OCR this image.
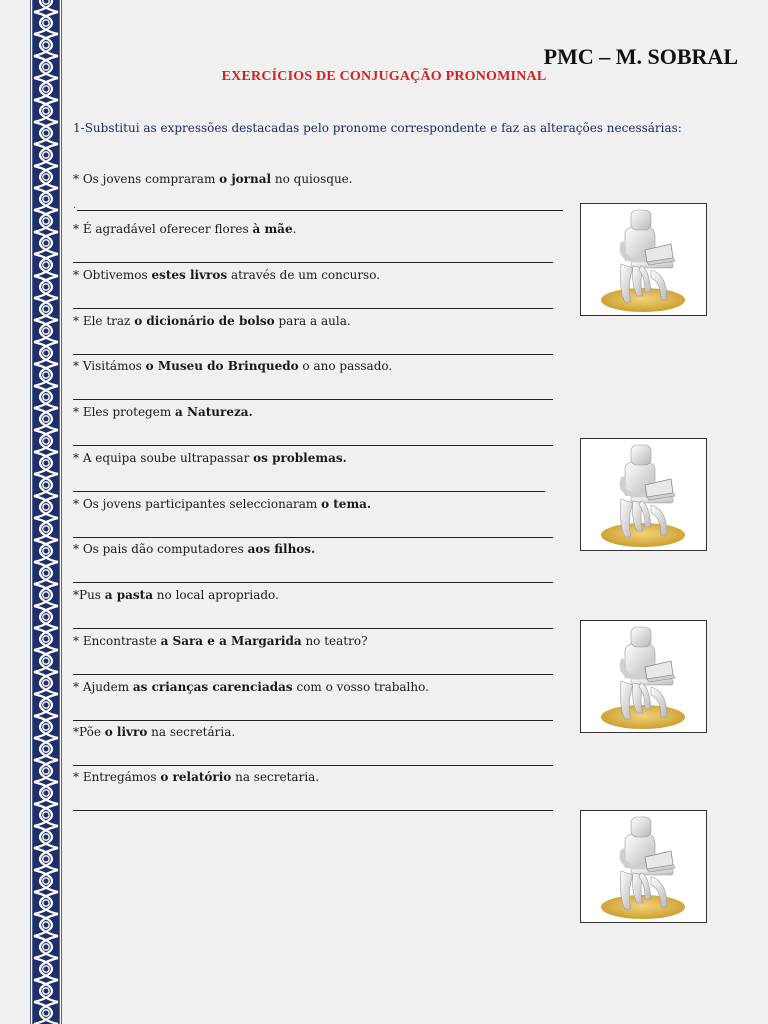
PMC – M. SOBRAL
EXERCÍCIOS DE CONJUGAÇÃO PRONOMINAL
1-Substitui as expressões destacadas pelo pronome correspondente e faz as alterações necessárias:
* Os jovens compraram o jornal no quiosque.
.
* É agradável oferecer flores à mãe.
* Obtivemos estes livros através de um concurso.
* Ele traz o dicionário de bolso para a aula.
* Visitámos o Museu do Brinquedo o ano passado.
* Eles protegem a Natureza.
* A equipa soube ultrapassar os problemas.
* Os jovens participantes seleccionaram o tema.
* Os pais dão computadores aos filhos.
*Pus a pasta no local apropriado.
* Encontraste a Sara e a Margarida no teatro?
* Ajudem as crianças carenciadas com o vosso trabalho.
*Põe o livro na secretária.
* Entregámos o relatório na secretaria.
